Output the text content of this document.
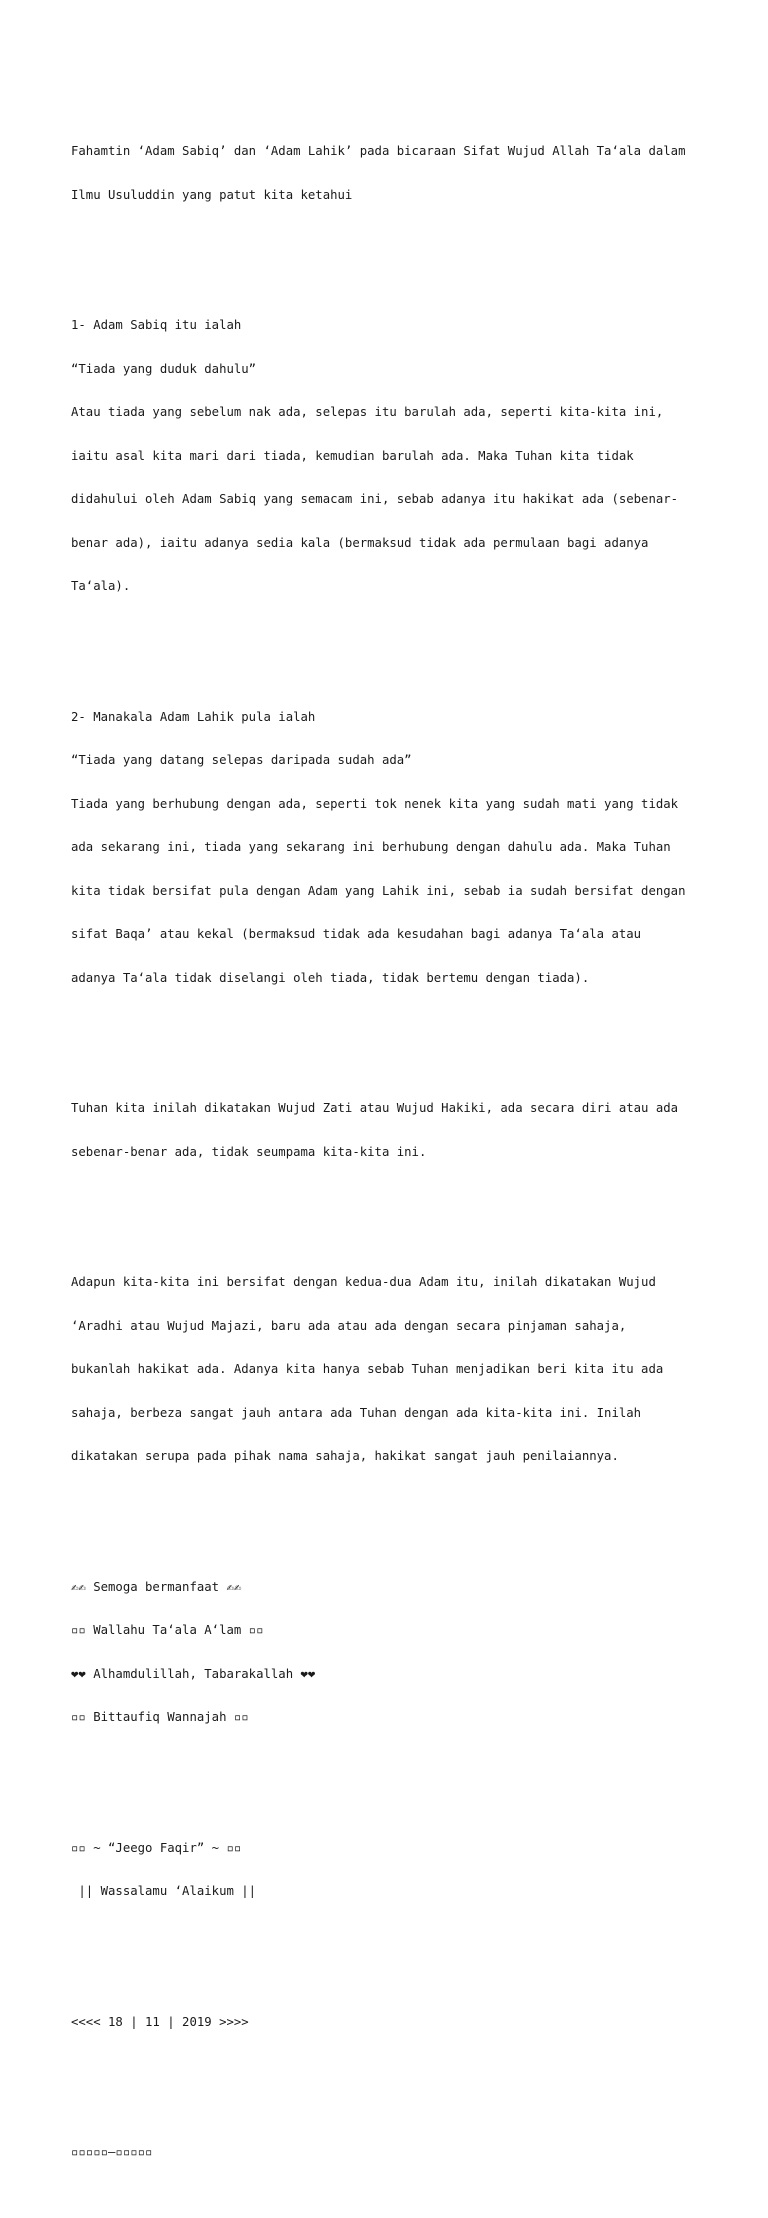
Fahamtin ‘Adam Sabiq’ dan ‘Adam Lahik’ pada bicaraan Sifat Wujud Allah Ta‘ala dalam

Ilmu Usuluddin yang patut kita ketahui

1- Adam Sabiq itu ialah

“Tiada yang duduk dahulu”

Atau tiada yang sebelum nak ada, selepas itu barulah ada, seperti kita-kita ini,

iaitu asal kita mari dari tiada, kemudian barulah ada. Maka Tuhan kita tidak

didahului oleh Adam Sabiq yang semacam ini, sebab adanya itu hakikat ada (sebenar-

benar ada), iaitu adanya sedia kala (bermaksud tidak ada permulaan bagi adanya

Ta‘ala).

2- Manakala Adam Lahik pula ialah

“Tiada yang datang selepas daripada sudah ada”

Tiada yang berhubung dengan ada, seperti tok nenek kita yang sudah mati yang tidak

ada sekarang ini, tiada yang sekarang ini berhubung dengan dahulu ada. Maka Tuhan

kita tidak bersifat pula dengan Adam yang Lahik ini, sebab ia sudah bersifat dengan

sifat Baqa’ atau kekal (bermaksud tidak ada kesudahan bagi adanya Ta‘ala atau

adanya Ta‘ala tidak diselangi oleh tiada, tidak bertemu dengan tiada).

Tuhan kita inilah dikatakan Wujud Zati atau Wujud Hakiki, ada secara diri atau ada

sebenar-benar ada, tidak seumpama kita-kita ini.

Adapun kita-kita ini bersifat dengan kedua-dua Adam itu, inilah dikatakan Wujud

‘Aradhi atau Wujud Majazi, baru ada atau ada dengan secara pinjaman sahaja,

bukanlah hakikat ada. Adanya kita hanya sebab Tuhan menjadikan beri kita itu ada

sahaja, berbeza sangat jauh antara ada Tuhan dengan ada kita-kita ini. Inilah

dikatakan serupa pada pihak nama sahaja, hakikat sangat jauh penilaiannya.

✍✍ Semoga bermanfaat ✍✍

▫▫ Wallahu Ta‘ala A‘lam ▫▫

❤❤ Alhamdulillah, Tabarakallah ❤❤

▫▫ Bittaufiq Wannajah ▫▫

▫▫ ~ “Jeego Faqir” ~ ▫▫

|| Wassalamu ‘Alaikum ||

<<<< 18 | 11 | 2019 >>>>

▫▫▫▫▫—▫▫▫▫▫
